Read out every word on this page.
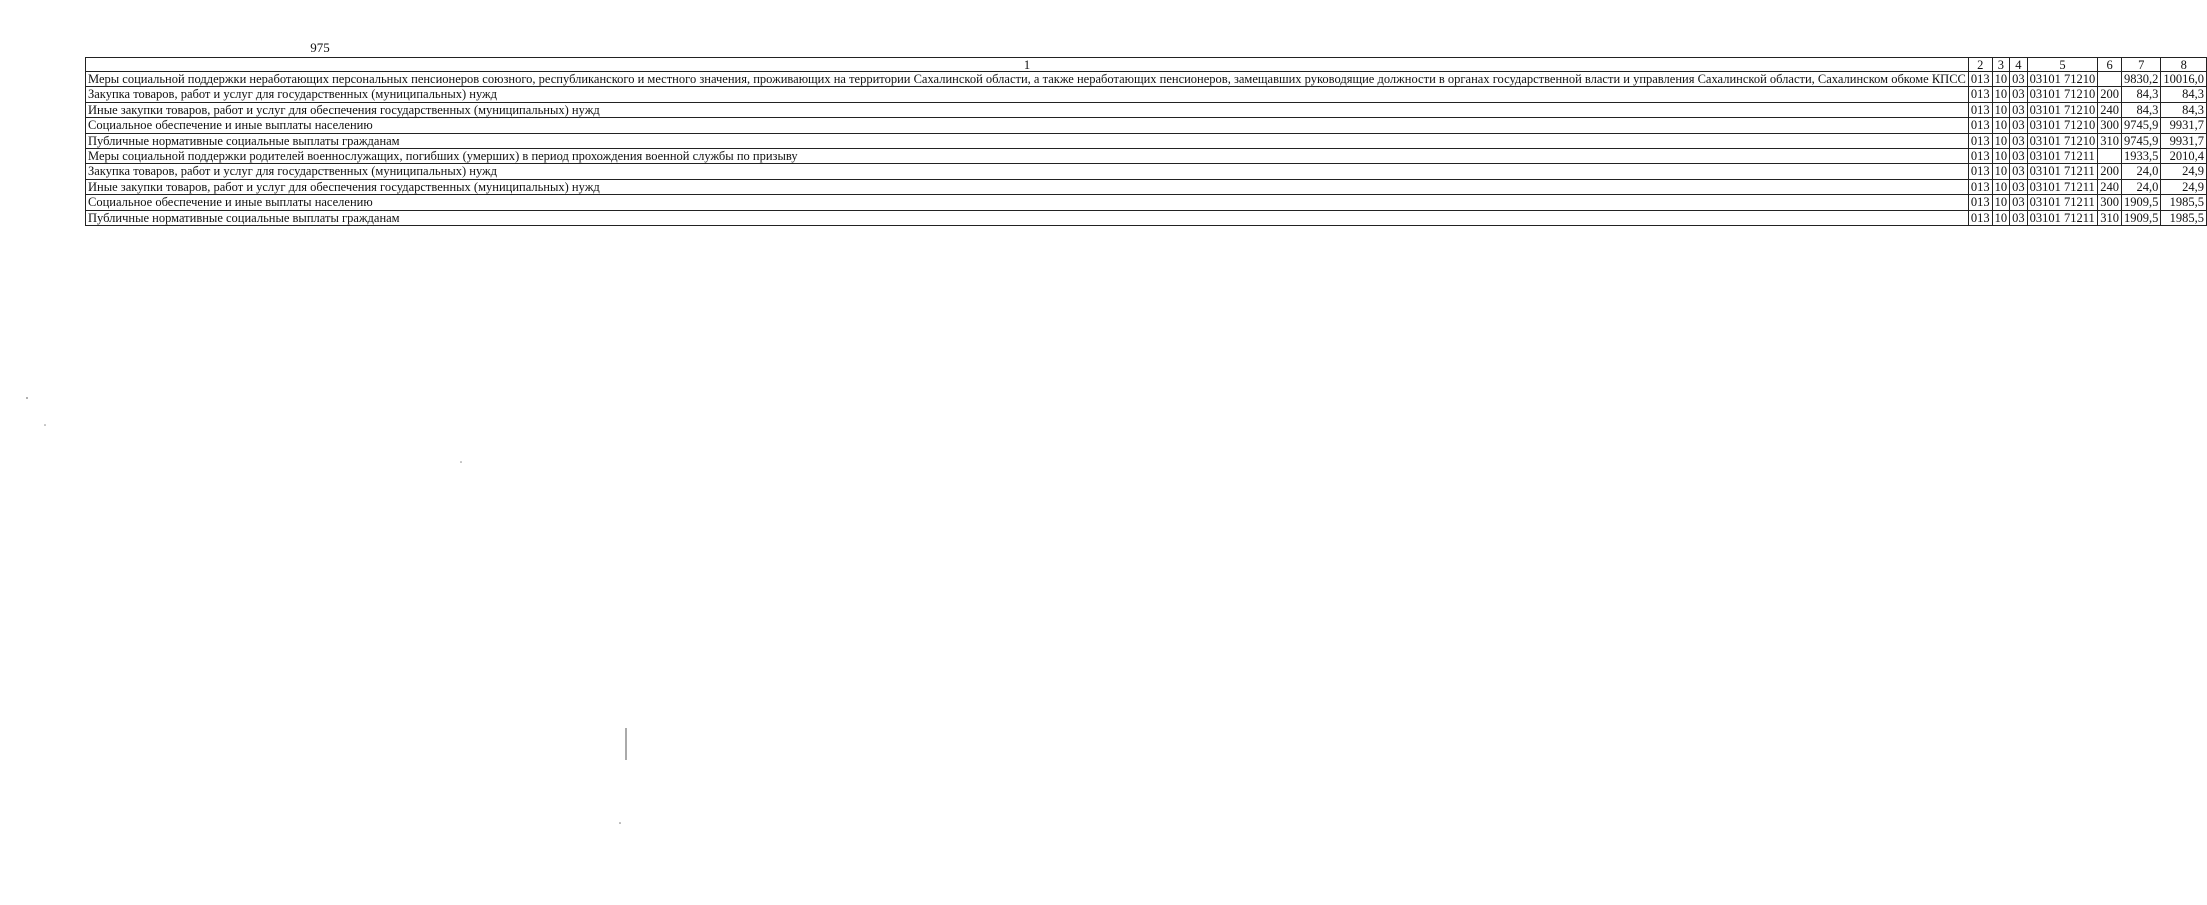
975
1	2	3	4	5	6	7	8
Меры социальной поддержки неработающих персональных пенсионеров союзного, республиканского и местного значения, проживающих на территории Сахалинской области, а также неработающих пенсионеров, замещавших руководящие должности в органах государственной власти и управления Сахалинской области, Сахалинском обкоме КПСС	013	10	03	03101 71210		9830,2	10016,0
Закупка товаров, работ и услуг для государственных (муниципальных) нужд	013	10	03	03101 71210	200	84,3	84,3
Иные закупки товаров, работ и услуг для обеспечения государственных (муниципальных) нужд	013	10	03	03101 71210	240	84,3	84,3
Социальное обеспечение и иные выплаты населению	013	10	03	03101 71210	300	9745,9	9931,7
Публичные нормативные социальные выплаты гражданам	013	10	03	03101 71210	310	9745,9	9931,7
Меры социальной поддержки родителей военнослужащих, погибших (умерших) в период прохождения военной службы по призыву	013	10	03	03101 71211		1933,5	2010,4
Закупка товаров, работ и услуг для государственных (муниципальных) нужд	013	10	03	03101 71211	200	24,0	24,9
Иные закупки товаров, работ и услуг для обеспечения государственных (муниципальных) нужд	013	10	03	03101 71211	240	24,0	24,9
Социальное обеспечение и иные выплаты населению	013	10	03	03101 71211	300	1909,5	1985,5
Публичные нормативные социальные выплаты гражданам	013	10	03	03101 71211	310	1909,5	1985,5
